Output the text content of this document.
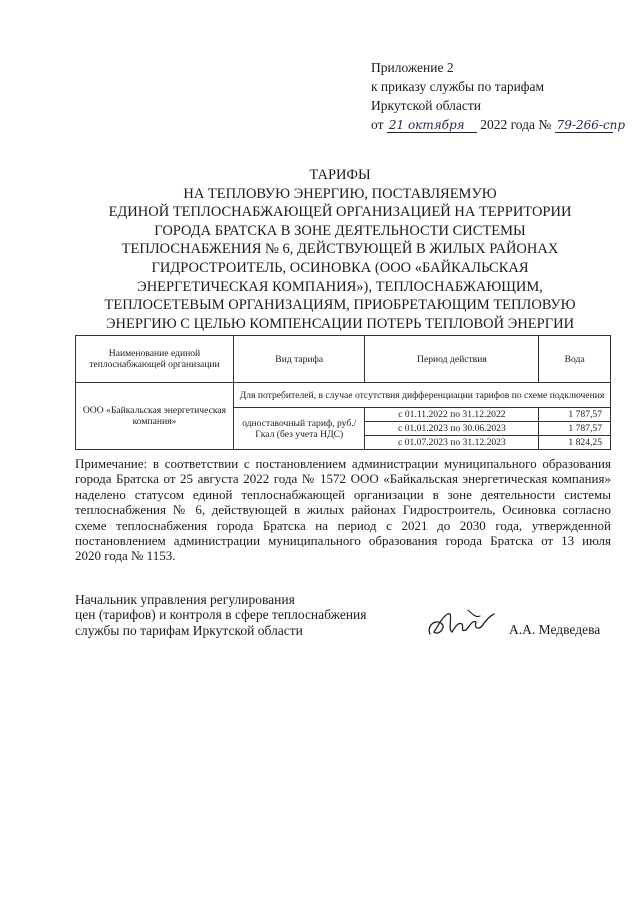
Приложение 2
к приказу службы по тарифам
Иркутской области
от 21 октября 2022 года № 79-266-спр
ТАРИФЫ
НА ТЕПЛОВУЮ ЭНЕРГИЮ, ПОСТАВЛЯЕМУЮ
ЕДИНОЙ ТЕПЛОСНАБЖАЮЩЕЙ ОРГАНИЗАЦИЕЙ НА ТЕРРИТОРИИ
ГОРОДА БРАТСКА В ЗОНЕ ДЕЯТЕЛЬНОСТИ СИСТЕМЫ
ТЕПЛОСНАБЖЕНИЯ № 6, ДЕЙСТВУЮЩЕЙ В ЖИЛЫХ РАЙОНАХ
ГИДРОСТРОИТЕЛЬ, ОСИНОВКА (ООО «БАЙКАЛЬСКАЯ
ЭНЕРГЕТИЧЕСКАЯ КОМПАНИЯ»), ТЕПЛОСНАБЖАЮЩИМ,
ТЕПЛОСЕТЕВЫМ ОРГАНИЗАЦИЯМ, ПРИОБРЕТАЮЩИМ ТЕПЛОВУЮ
ЭНЕРГИЮ С ЦЕЛЬЮ КОМПЕНСАЦИИ ПОТЕРЬ ТЕПЛОВОЙ ЭНЕРГИИ
Наименование единой теплоснабжающей организации	Вид тарифа	Период действия	Вода
ООО «Байкальская энергетическая компания»	Для потребителей, в случае отсутствия дифференциации тарифов по схеме подключения		
	одноставочный тариф, руб./Гкал (без учета НДС)	с 01.11.2022 по 31.12.2022	1 787,57
		с 01.01.2023 по 30.06.2023	1 787,57
		с 01.07.2023 по 31.12.2023	1 824,25
Примечание: в соответствии с постановлением администрации муниципального образования
города Братска от 25 августа 2022 года № 1572 ООО «Байкальская энергетическая компания»
наделено статусом единой теплоснабжающей организации в зоне деятельности системы
теплоснабжения № 6, действующей в жилых районах Гидростроитель, Осиновка согласно
схеме теплоснабжения города Братска на период с 2021 до 2030 года, утвержденной
постановлением администрации муниципального образования города Братска от 13 июля
2020 года № 1153.
Начальник управления регулирования
цен (тарифов) и контроля в сфере теплоснабжения
службы по тарифам Иркутской области	А.А. Медведева
